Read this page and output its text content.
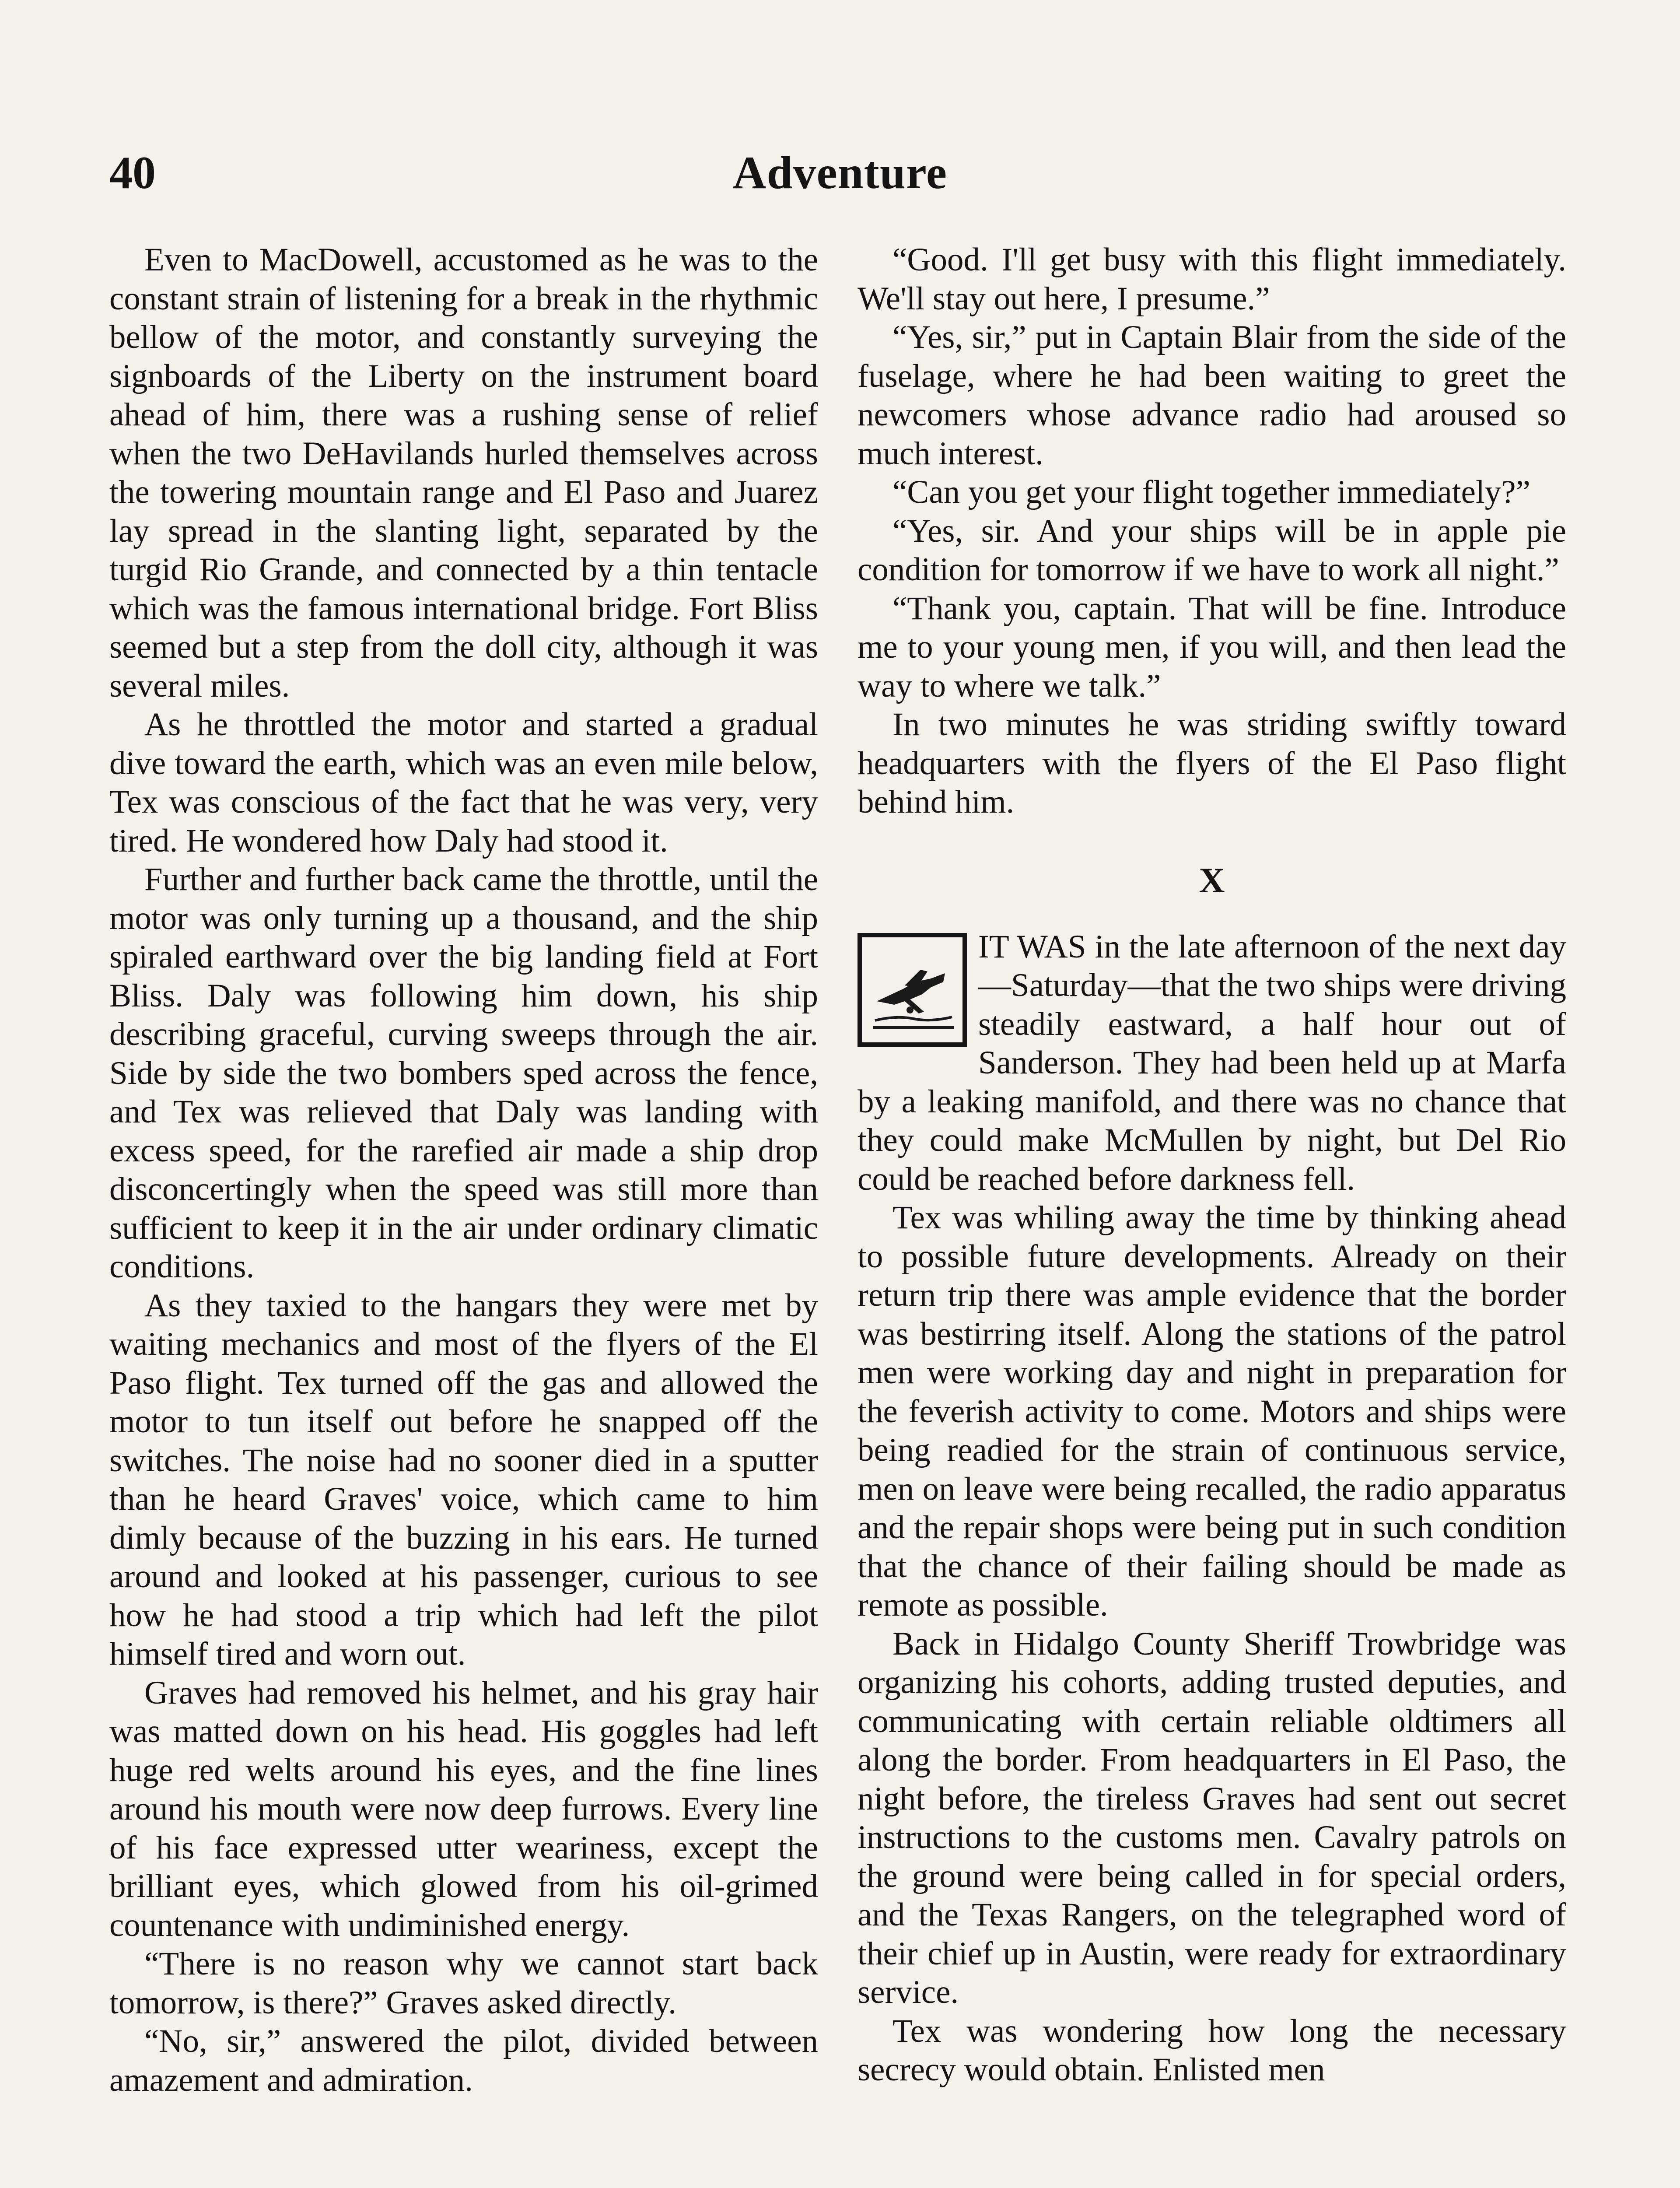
40	Adventure

Even to MacDowell, accustomed as he was to the constant strain of listening for a break in the rhythmic bellow of the motor, and constantly surveying the signboards of the Liberty on the instrument board ahead of him, there was a rushing sense of relief when the two DeHavilands hurled themselves across the towering mountain range and El Paso and Juarez lay spread in the slanting light, separated by the turgid Rio Grande, and connected by a thin tentacle which was the famous international bridge. Fort Bliss seemed but a step from the doll city, although it was several miles.

As he throttled the motor and started a gradual dive toward the earth, which was an even mile below, Tex was conscious of the fact that he was very, very tired. He wondered how Daly had stood it.

Further and further back came the throttle, until the motor was only turning up a thousand, and the ship spiraled earthward over the big landing field at Fort Bliss. Daly was following him down, his ship describing graceful, curving sweeps through the air. Side by side the two bombers sped across the fence, and Tex was relieved that Daly was landing with excess speed, for the rarefied air made a ship drop disconcertingly when the speed was still more than sufficient to keep it in the air under ordinary climatic conditions.

As they taxied to the hangars they were met by waiting mechanics and most of the flyers of the El Paso flight. Tex turned off the gas and allowed the motor to tun itself out before he snapped off the switches. The noise had no sooner died in a sputter than he heard Graves' voice, which came to him dimly because of the buzzing in his ears. He turned around and looked at his passenger, curious to see how he had stood a trip which had left the pilot himself tired and worn out.

Graves had removed his helmet, and his gray hair was matted down on his head. His goggles had left huge red welts around his eyes, and the fine lines around his mouth were now deep furrows. Every line of his face expressed utter weariness, except the brilliant eyes, which glowed from his oil-grimed countenance with undiminished energy.

“There is no reason why we cannot start back tomorrow, is there?” Graves asked directly.

“No, sir,” answered the pilot, divided between amazement and admiration.

“Good. I'll get busy with this flight immediately. We'll stay out here, I presume.”

“Yes, sir,” put in Captain Blair from the side of the fuselage, where he had been waiting to greet the newcomers whose advance radio had aroused so much interest.

“Can you get your flight together immediately?”

“Yes, sir. And your ships will be in apple pie condition for tomorrow if we have to work all night.”

“Thank you, captain. That will be fine. Introduce me to your young men, if you will, and then lead the way to where we talk.”

In two minutes he was striding swiftly toward headquarters with the flyers of the El Paso flight behind him.

X

IT WAS in the late afternoon of the next day—Saturday—that the two ships were driving steadily eastward, a half hour out of Sanderson. They had been held up at Marfa by a leaking manifold, and there was no chance that they could make McMullen by night, but Del Rio could be reached before darkness fell.

Tex was whiling away the time by thinking ahead to possible future developments. Already on their return trip there was ample evidence that the border was bestirring itself. Along the stations of the patrol men were working day and night in preparation for the feverish activity to come. Motors and ships were being readied for the strain of continuous service, men on leave were being recalled, the radio apparatus and the repair shops were being put in such condition that the chance of their failing should be made as remote as possible.

Back in Hidalgo County Sheriff Trowbridge was organizing his cohorts, adding trusted deputies, and communicating with certain reliable oldtimers all along the border. From headquarters in El Paso, the night before, the tireless Graves had sent out secret instructions to the customs men. Cavalry patrols on the ground were being called in for special orders, and the Texas Rangers, on the telegraphed word of their chief up in Austin, were ready for extraordinary service.

Tex was wondering how long the necessary secrecy would obtain. Enlisted men
